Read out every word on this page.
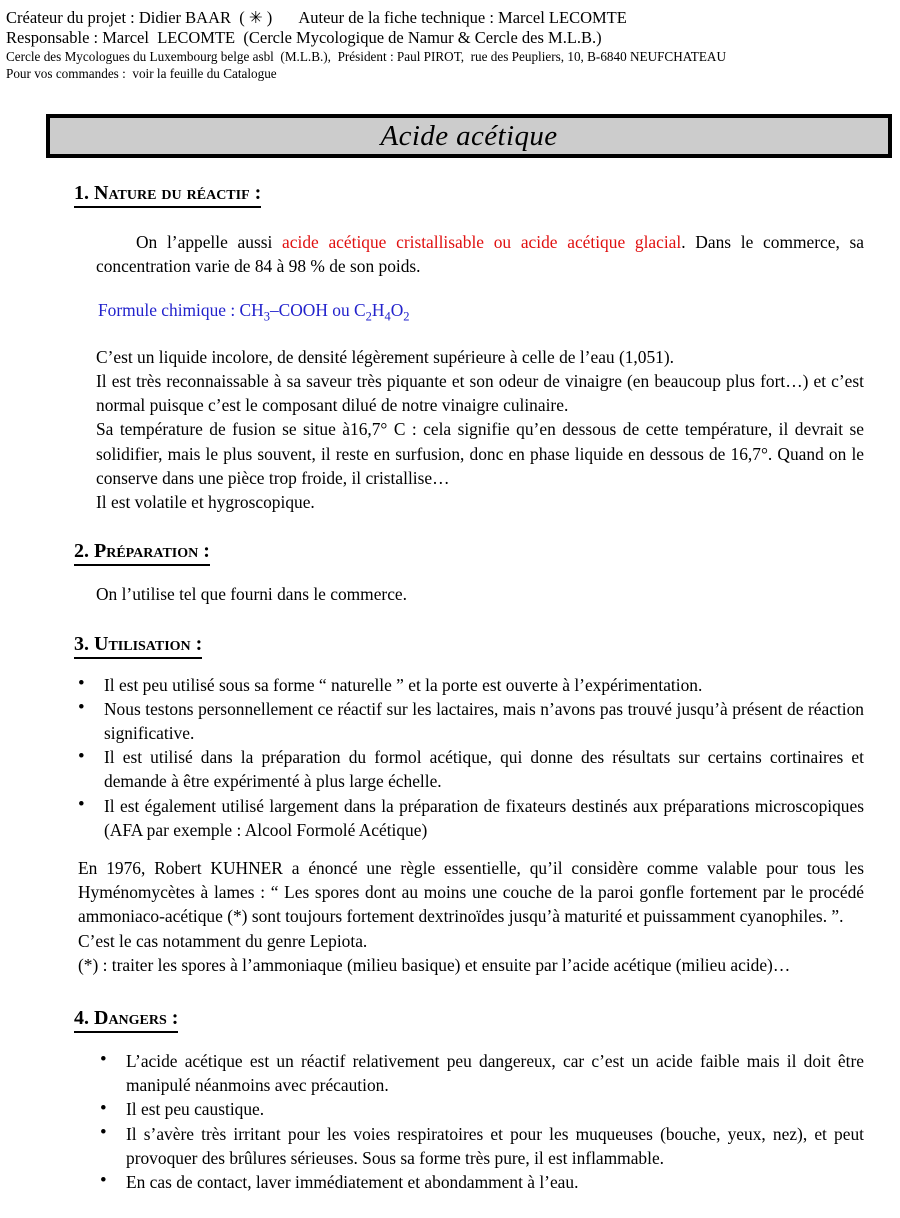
Créateur du projet : Didier BAAR  ( ✳ ) Auteur de la fiche technique : Marcel LECOMTE
Responsable : Marcel  LECOMTE  (Cercle Mycologique de Namur & Cercle des M.L.B.)
Cercle des Mycologues du Luxembourg belge asbl  (M.L.B.),  Président : Paul PIROT,  rue des Peupliers, 10, B-6840 NEUFCHATEAU
Pour vos commandes :  voir la feuille du Catalogue
Acide acétique
1. Nature du réactif :

On l’appelle aussi acide acétique cristallisable ou acide acétique glacial. Dans le commerce, sa concentration varie de 84 à 98 % de son poids.

Formule chimique : $CH_3$–COOH ou $C_2H_4O_2$

C’est un liquide incolore, de densité légèrement supérieure à celle de l’eau (1,051).

Il est très reconnaissable à sa saveur très piquante et son odeur de vinaigre (en beaucoup plus fort…) et c’est normal puisque c’est le composant dilué de notre vinaigre culinaire.

Sa température de fusion se situe à16,7° C : cela signifie qu’en dessous de cette température, il devrait se solidifier, mais le plus souvent, il reste en surfusion, donc en phase liquide en dessous de 16,7°. Quand on le conserve dans une pièce trop froide, il cristallise…

Il est volatile et hygroscopique.

2. Préparation :

On l’utilise tel que fourni dans le commerce.

3. Utilisation :
• Il est peu utilisé sous sa forme “ naturelle ” et la porte est ouverte à l’expérimentation.
• Nous testons personnellement ce réactif sur les lactaires, mais n’avons pas trouvé jusqu’à présent de réaction significative.
• Il est utilisé dans la préparation du formol acétique, qui donne des résultats sur certains cortinaires et demande à être expérimenté à plus large échelle.
• Il est également utilisé largement dans la préparation de fixateurs destinés aux préparations microscopiques (AFA par exemple : Alcool Formolé Acétique)

En 1976, Robert KUHNER a énoncé une règle essentielle, qu’il considère comme valable pour tous les Hyménomycètes à lames : “ Les spores dont au moins une couche de la paroi gonfle fortement par le procédé ammoniaco-acétique (*) sont toujours fortement dextrinoïdes jusqu’à maturité et puissamment cyanophiles. ”.

C’est le cas notamment du genre Lepiota.

(*) : traiter les spores à l’ammoniaque (milieu basique) et ensuite par l’acide acétique (milieu acide)…

4. Dangers :
• L’acide acétique est un réactif relativement peu dangereux, car c’est un acide faible mais il doit être manipulé néanmoins avec précaution.
• Il est peu caustique.
• Il s’avère très irritant pour les voies respiratoires et pour les muqueuses (bouche, yeux, nez), et peut provoquer des brûlures sérieuses. Sous sa forme très pure, il est inflammable.
• En cas de contact, laver immédiatement et abondamment à l’eau.
